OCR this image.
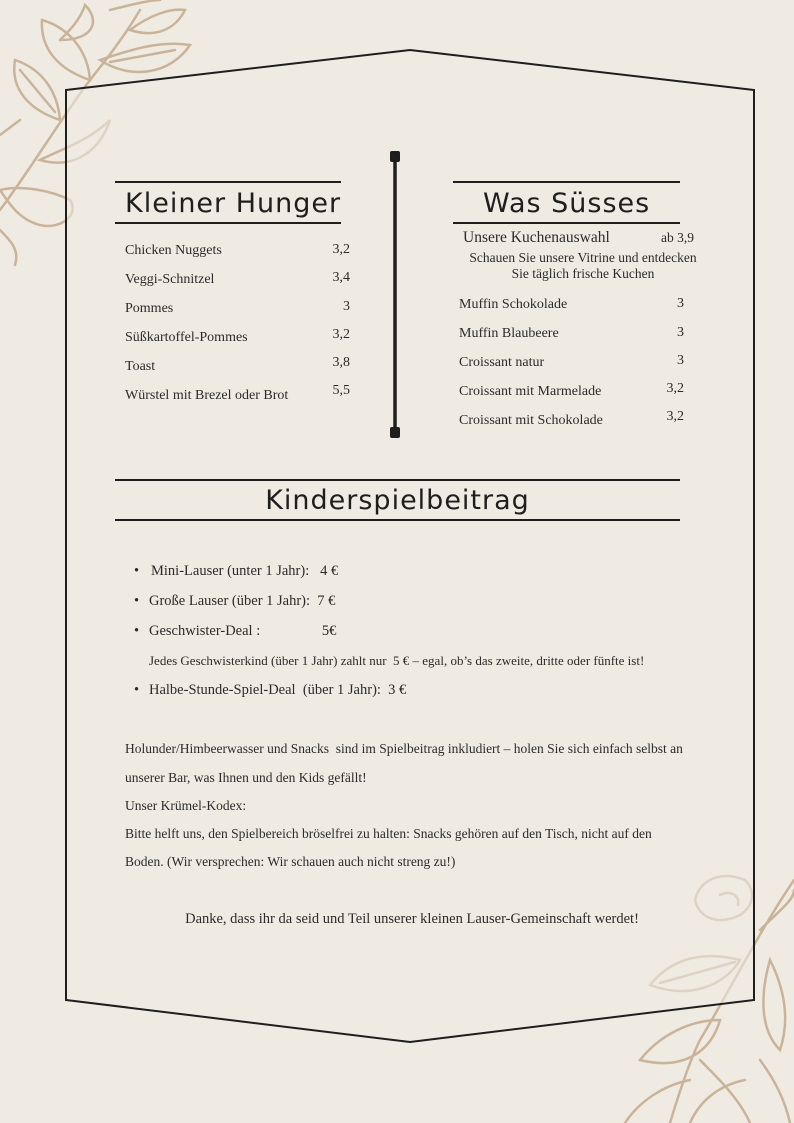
Kleiner Hunger
Chicken Nuggets	3,2
Veggi-Schnitzel	3,4
Pommes	3
Süßkartoffel-Pommes	3,2
Toast	3,8
Würstel mit Brezel oder Brot	5,5
Was Süsses
Unsere Kuchenauswahl	ab 3,9
Schauen Sie unsere Vitrine und entdecken
Sie täglich frische Kuchen
Muffin Schokolade	3
Muffin Blaubeere	3
Croissant natur	3
Croissant mit Marmelade	3,2
Croissant mit Schokolade	3,2
Kinderspielbeitrag
• Mini-Lauser (unter 1 Jahr):   4 €
• Große Lauser (über 1 Jahr):  7 €
• Geschwister-Deal :                 5€
Jedes Geschwisterkind (über 1 Jahr) zahlt nur  5 € – egal, ob’s das zweite, dritte oder fünfte ist!
• Halbe-Stunde-Spiel-Deal  (über 1 Jahr):  3 €
Holunder/Himbeerwasser und Snacks  sind im Spielbeitrag inkludiert – holen Sie sich einfach selbst an
unserer Bar, was Ihnen und den Kids gefällt!
Unser Krümel-Kodex:
Bitte helft uns, den Spielbereich bröselfrei zu halten: Snacks gehören auf den Tisch, nicht auf den
Boden. (Wir versprechen: Wir schauen auch nicht streng zu!)
Danke, dass ihr da seid und Teil unserer kleinen Lauser-Gemeinschaft werdet!
